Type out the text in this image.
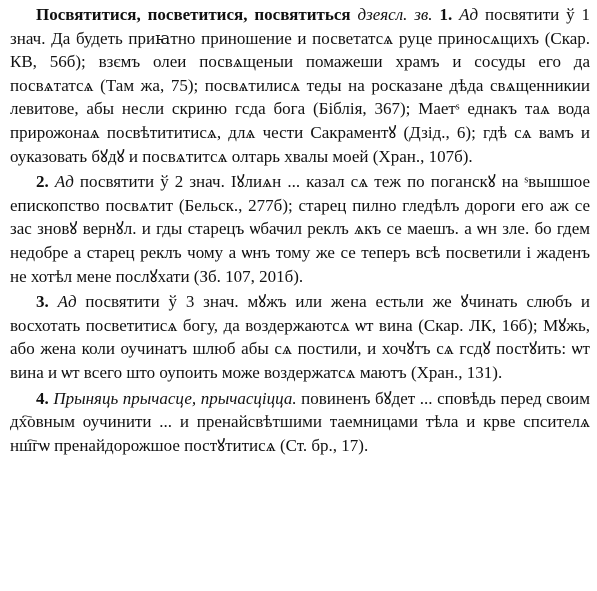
Посвятитися, посветитися, посвятиться дзеясл. зв. 1. Ад посвятити ў 1 знач. Да будеть приꙗтно приношение и посветатсѧ руце приносѧщихъ (Скар. КВ, 56б); взємъ олеи посвѧщеныи помажеши храмъ и сосуды его да посвѧтатсѧ (Там жа, 75); посвѧтилисѧ теды на росказане дѣда свѧщенникии левитове, абы несли скриню гсда бога (Біблія, 367); Маетˢ еднакъ таѧ вода прирожонаѧ посвѣтититисѧ, длѧ чести Сакраментꙋ (Дзід., 6); гдѣ сѧ вамъ и оуказовать бꙋдꙋ и посвѧтитсѧ олтарь хвалы моей (Хран., 107б).

2. Ад посвятити ў 2 знач. Іꙋлиѧн ... казал сѧ теж по поганскꙋ на ˢвышшое епископство посвѧтит (Бельск., 277б); старец пилно гледѣлъ дороги его аж се зас зновꙋ вернꙋл. и гды старецъ ѡбачил реклъ ѧкъ се маешъ. а ѡн зле. бо гдем недобре а старец реклъ чому а ѡнъ тому же се теперъ всѣ посветили і жаденъ не хотѣл мене послꙋхати (Зб. 107, 201б).

3. Ад посвятити ў 3 знач. мꙋжъ или жена естьли же ꙋчинать слюбъ и восхотать посветитисѧ богу, да воздержаютсѧ ѡт вина (Скар. ЛК, 16б); Мꙋжь, або жена коли оучинатъ шлюб абы сѧ постили, и хочꙋтъ сѧ гсдꙋ постꙋить: ѡт вина и ѡт всего што оупоить може воздержатсѧ маютъ (Хран., 131).

4. Прыняць прычасце, прычасціцца. повиненъ бꙋдет ... сповѣдь перед своим дх҇овным оучинити ... и пренайсвѣтшими таемницами тѣла и крве спсителѧ нш҇гѡ пренайдорожшое постꙋтитисѧ (Ст. бр., 17).
